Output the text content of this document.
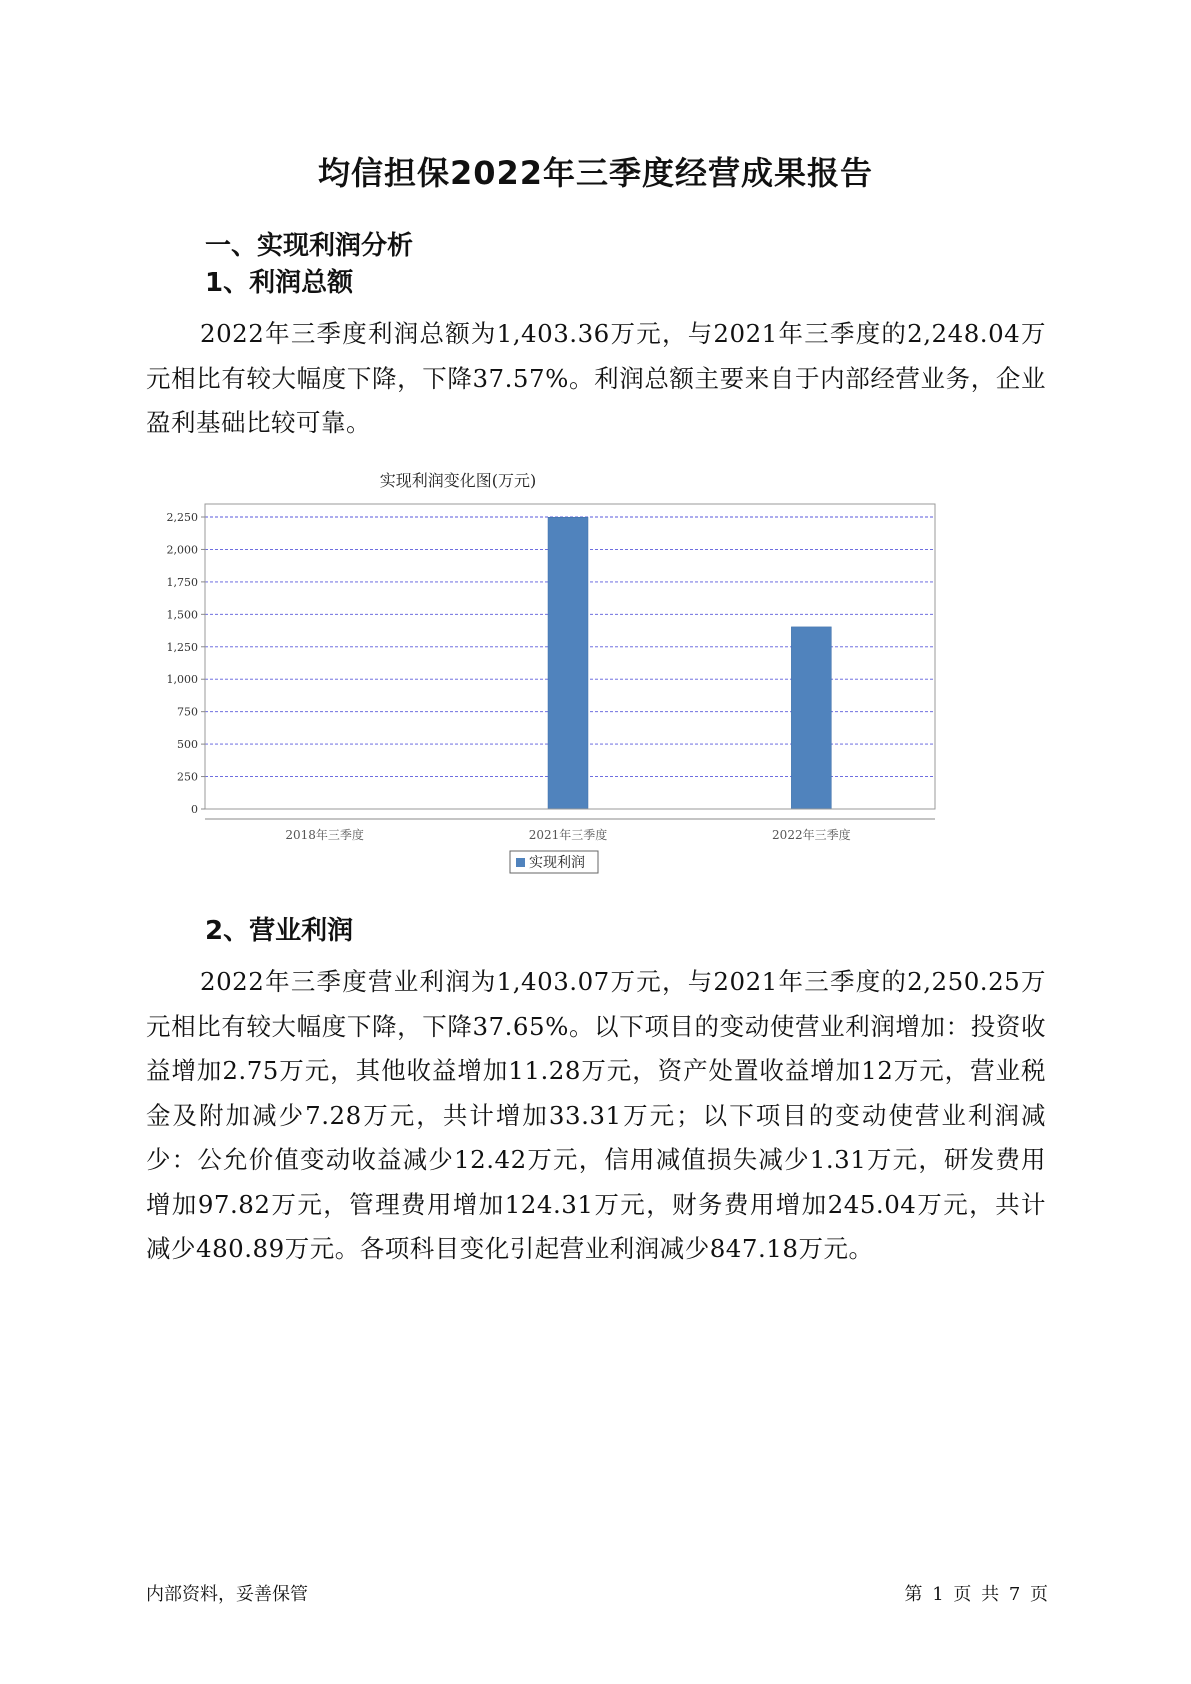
均信担保2022年三季度经营成果报告
一、实现利润分析
1、利润总额

2022年三季度利润总额为1,403.36万元，与2021年三季度的2,248.04万元相比有较大幅度下降，下降37.57%。利润总额主要来自于内部经营业务，企业盈利基础比较可靠。

实现利润变化图(万元)
0
250
500
750
1,000
1,250
1,500
1,750
2,000
2,250
2018年三季度	2021年三季度	2022年三季度
实现利润
2、营业利润

2022年三季度营业利润为1,403.07万元，与2021年三季度的2,250.25万元相比有较大幅度下降，下降37.65%。以下项目的变动使营业利润增加：投资收益增加2.75万元，其他收益增加11.28万元，资产处置收益增加12万元，营业税金及附加减少7.28万元，共计增加33.31万元；以下项目的变动使营业利润减少：公允价值变动收益减少12.42万元，信用减值损失减少1.31万元，研发费用增加97.82万元，管理费用增加124.31万元，财务费用增加245.04万元，共计减少480.89万元。各项科目变化引起营业利润减少847.18万元。

内部资料，妥善保管	第 1 页 共 7 页
